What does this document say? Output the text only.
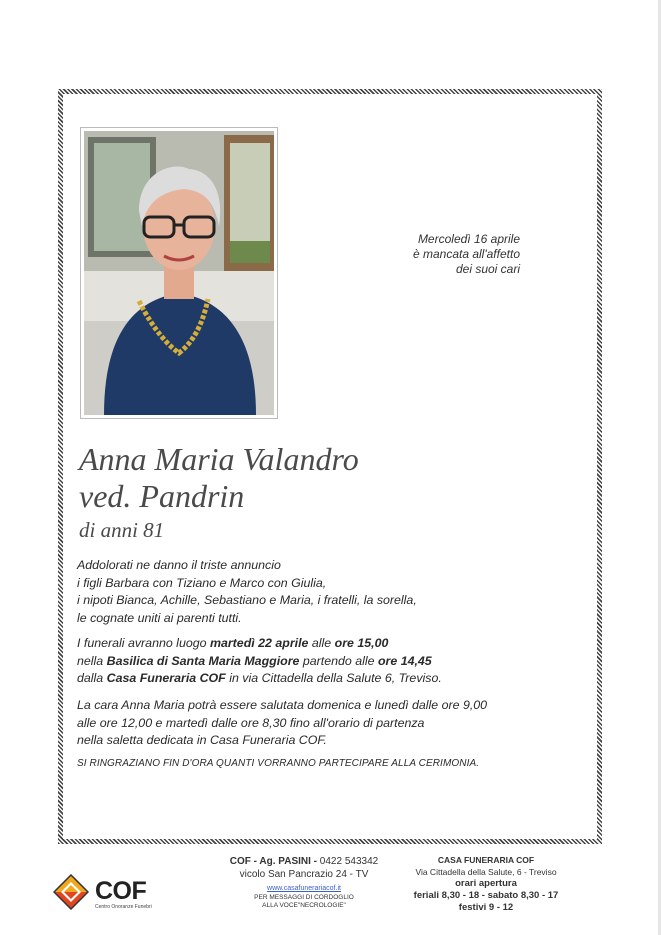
Mercoledì 16 aprile
è mancata all'affetto
dei suoi cari
Anna Maria Valandro
ved. Pandrin
di anni 81
Addolorati ne danno il triste annuncio
i figli Barbara con Tiziano e Marco con Giulia,
i nipoti Bianca, Achille, Sebastiano e Maria, i fratelli, la sorella,
le cognate uniti ai parenti tutti.
I funerali avranno luogo martedì 22 aprile alle ore 15,00
nella Basilica di Santa Maria Maggiore partendo alle ore 14,45
dalla Casa Funeraria COF in via Cittadella della Salute 6, Treviso.
La cara Anna Maria potrà essere salutata domenica e lunedì dalle ore 9,00
alle ore 12,00 e martedì dalle ore 8,30 fino all'orario di partenza
nella saletta dedicata in Casa Funeraria COF.
SI RINGRAZIANO FIN D'ORA QUANTI VORRANNO PARTECIPARE ALLA CERIMONIA.
COF
Centro Onoranze Funebri
COF - Ag. PASINI - 0422 543342
vicolo San Pancrazio 24 - TV
www.casafunerariacof.it
PER MESSAGGI DI CORDOGLIO
ALLA VOCE"NECROLOGIE"
CASA FUNERARIA COF
Via Cittadella della Salute, 6 - Treviso
orari apertura
feriali 8,30 - 18 - sabato 8,30 - 17
festivi 9 - 12
